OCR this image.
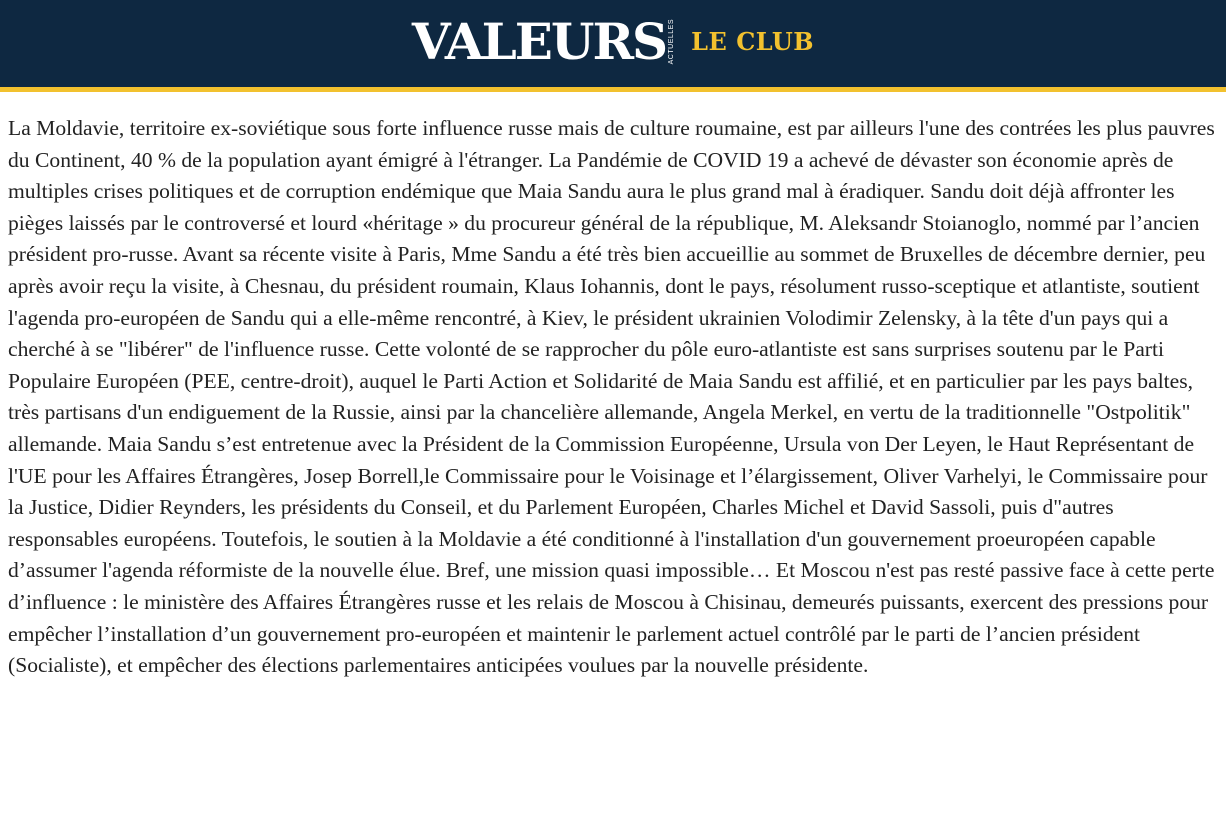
VALEURS ACTUELLES LE CLUB

La Moldavie, territoire ex-soviétique sous forte influence russe mais de culture roumaine, est par ailleurs l'une des contrées les plus pauvres du Continent, 40 % de la population ayant émigré à l'étranger. La Pandémie de COVID 19 a achevé de dévaster son économie après de multiples crises politiques et de corruption endémique que Maia Sandu aura le plus grand mal à éradiquer. Sandu doit déjà affronter les pièges laissés par le controversé et lourd «héritage » du procureur général de la république, M. Aleksandr Stoianoglo, nommé par l’ancien président pro-russe. Avant sa récente visite à Paris, Mme Sandu a été très bien accueillie au sommet de Bruxelles de décembre dernier, peu après avoir reçu la visite, à Chesnau, du président roumain, Klaus Iohannis, dont le pays, résolument russo-sceptique et atlantiste, soutient l'agenda pro-européen de Sandu qui a elle-même rencontré, à Kiev, le président ukrainien Volodimir Zelensky, à la tête d'un pays qui a cherché à se "libérer" de l'influence russe. Cette volonté de se rapprocher du pôle euro-atlantiste est sans surprises soutenu par le Parti Populaire Européen (PEE, centre-droit), auquel le Parti Action et Solidarité de Maia Sandu est affilié, et en particulier par les pays baltes, très partisans d'un endiguement de la Russie, ainsi par la chancelière allemande, Angela Merkel, en vertu de la traditionnelle "Ostpolitik" allemande. Maia Sandu s’est entretenue avec la Président de la Commission Européenne, Ursula von Der Leyen, le Haut Représentant de l'UE pour les Affaires Étrangères, Josep Borrell,le Commissaire pour le Voisinage et l’élargissement, Oliver Varhelyi, le Commissaire pour la Justice, Didier Reynders, les présidents du Conseil, et du Parlement Européen, Charles Michel et David Sassoli, puis d"autres responsables européens. Toutefois, le soutien à la Moldavie a été conditionné à l'installation d'un gouvernement proeuropéen capable d’assumer l'agenda réformiste de la nouvelle élue. Bref, une mission quasi impossible… Et Moscou n'est pas resté passive face à cette perte d’influence : le ministère des Affaires Étrangères russe et les relais de Moscou à Chisinau, demeurés puissants, exercent des pressions pour empêcher l’installation d’un gouvernement pro-européen et maintenir le parlement actuel contrôlé par le parti de l’ancien président (Socialiste), et empêcher des élections parlementaires anticipées voulues par la nouvelle présidente.
